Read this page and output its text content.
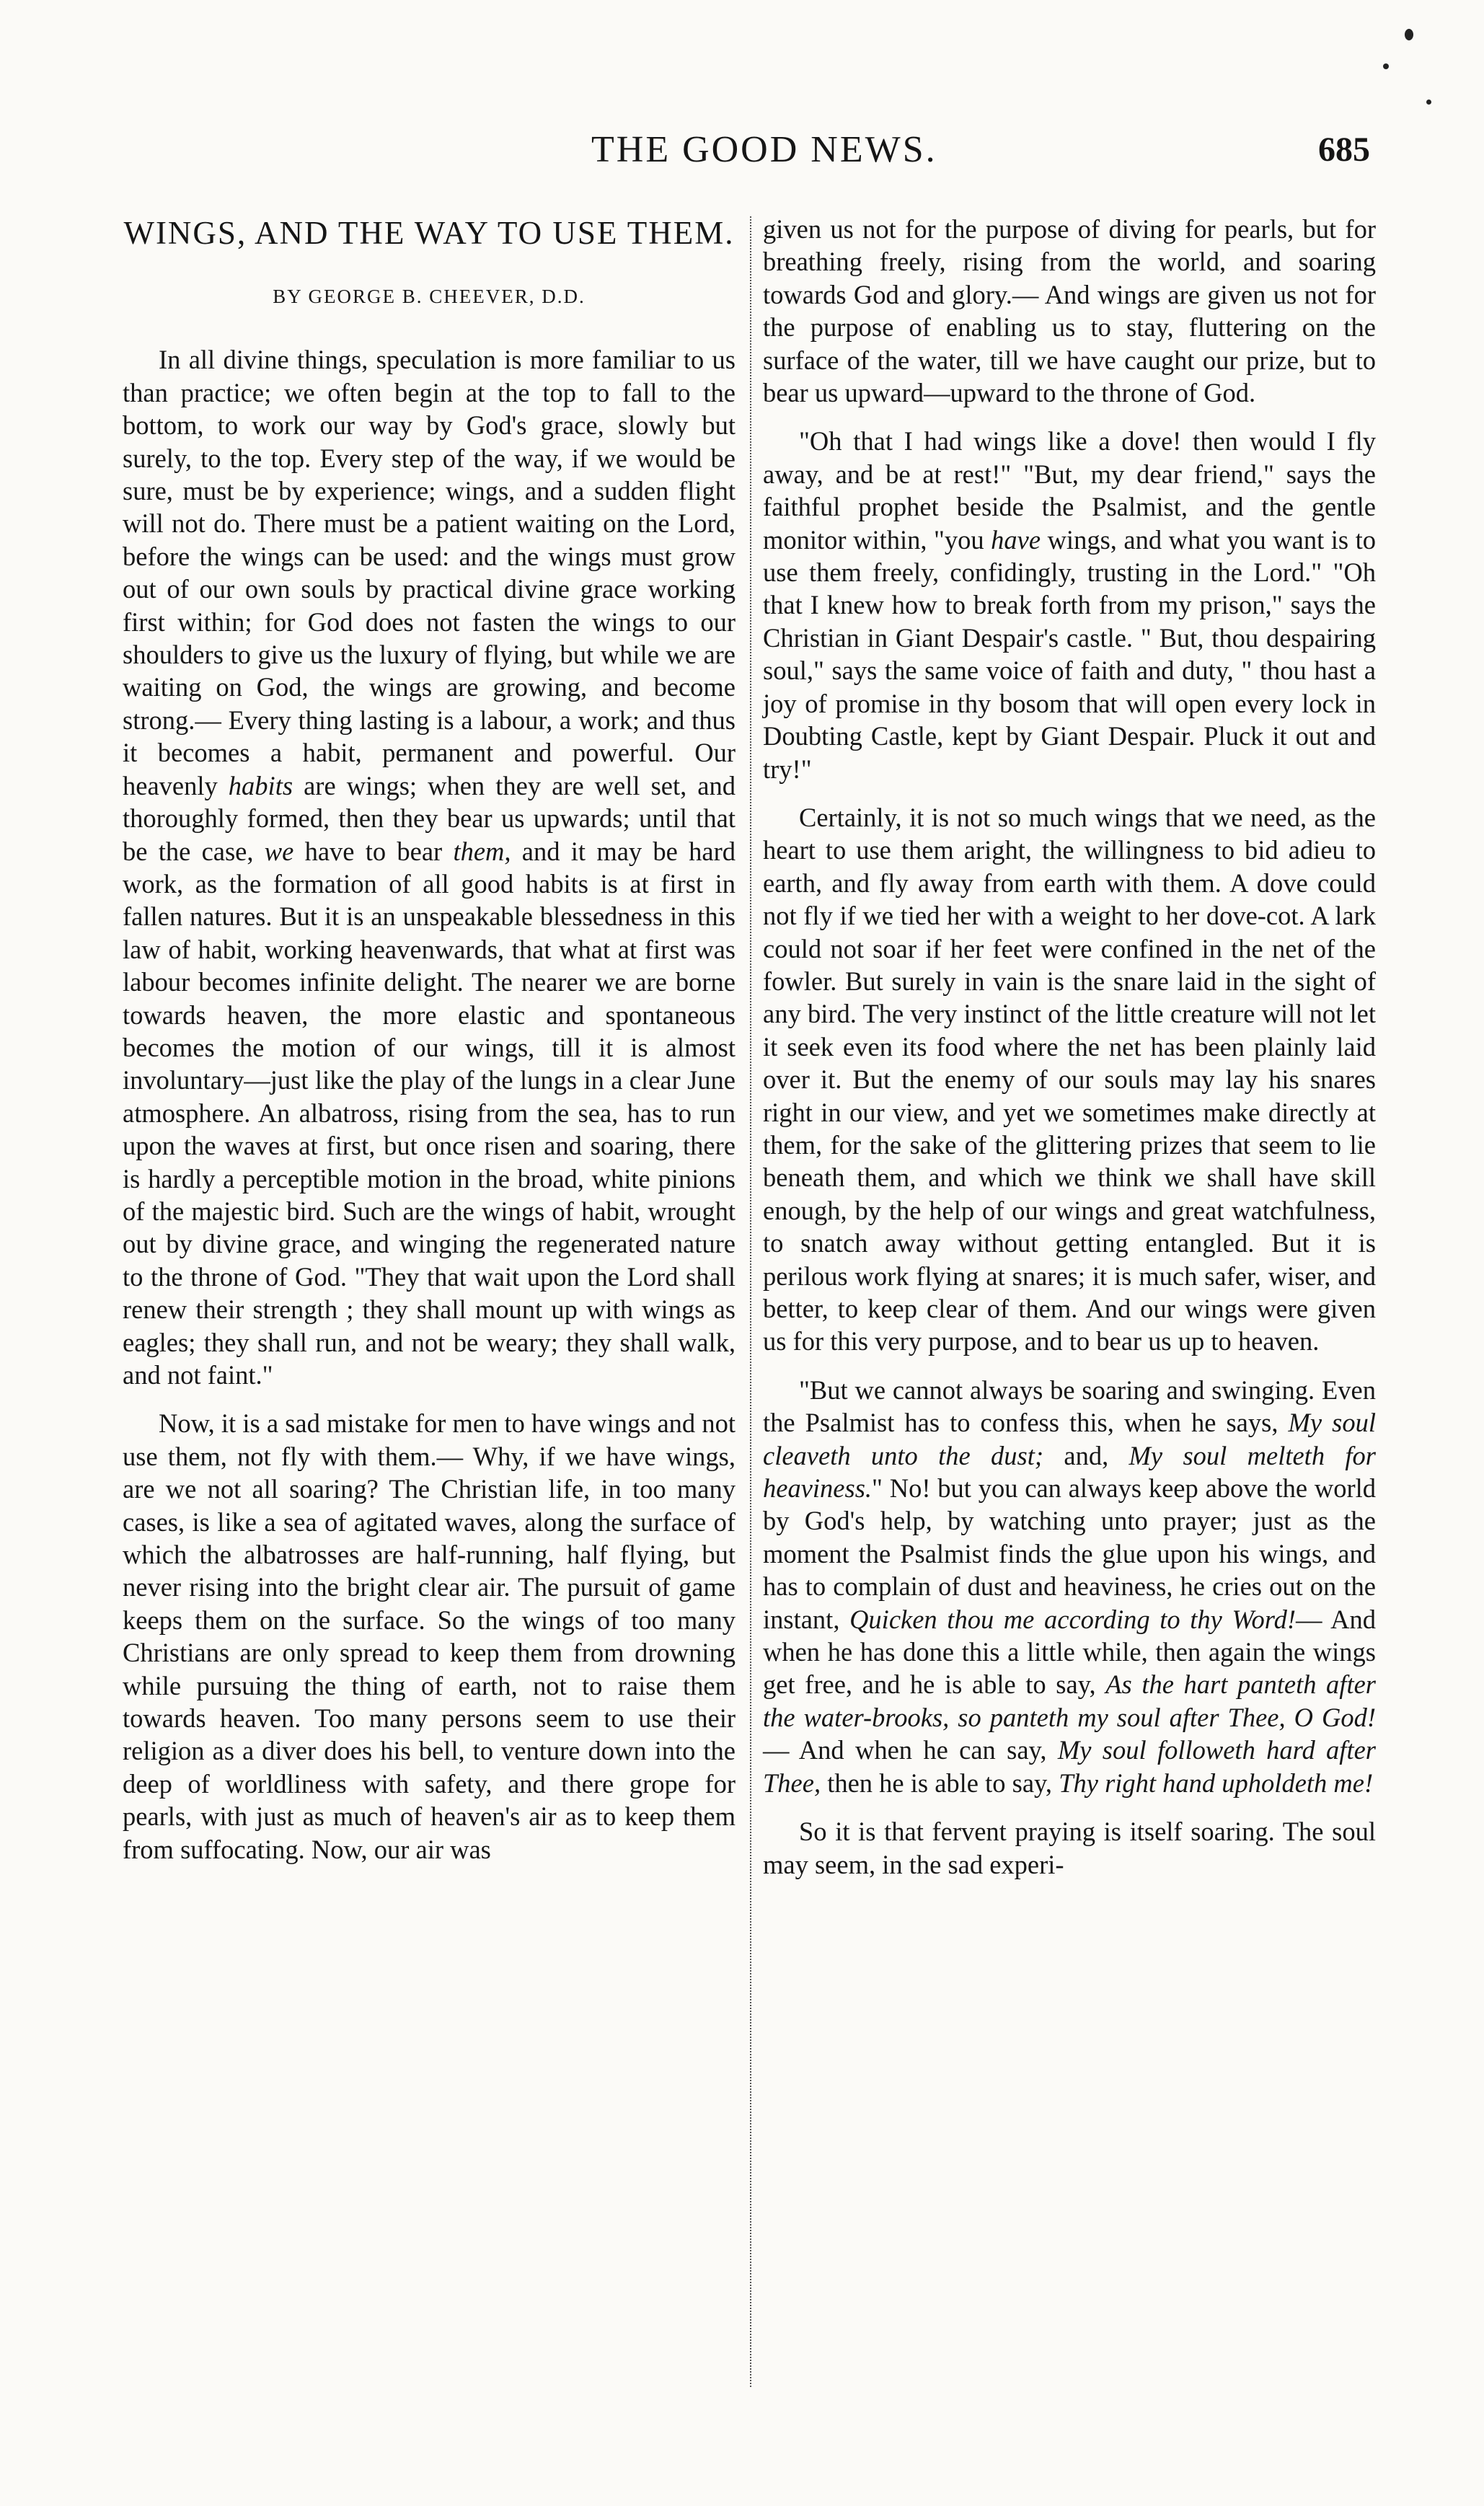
THE GOOD NEWS.	685
WINGS, AND THE WAY TO USE THEM.
BY GEORGE B. CHEEVER, D.D.

In all divine things, speculation is more familiar to us than practice; we often begin at the top to fall to the bottom, to work our way by God's grace, slowly but surely, to the top. Every step of the way, if we would be sure, must be by experience; wings, and a sudden flight will not do. There must be a patient waiting on the Lord, before the wings can be used: and the wings must grow out of our own souls by practical divine grace working first within; for God does not fasten the wings to our shoulders to give us the luxury of flying, but while we are waiting on God, the wings are growing, and become strong.— Every thing lasting is a labour, a work; and thus it becomes a habit, permanent and powerful. Our heavenly habits are wings; when they are well set, and thoroughly formed, then they bear us upwards; until that be the case, we have to bear them, and it may be hard work, as the formation of all good habits is at first in fallen natures. But it is an unspeakable blessedness in this law of habit, working heavenwards, that what at first was labour becomes infinite delight. The nearer we are borne towards heaven, the more elastic and spontaneous becomes the motion of our wings, till it is almost involuntary—just like the play of the lungs in a clear June atmosphere. An albatross, rising from the sea, has to run upon the waves at first, but once risen and soaring, there is hardly a perceptible motion in the broad, white pinions of the majestic bird. Such are the wings of habit, wrought out by divine grace, and winging the regenerated nature to the throne of God. "They that wait upon the Lord shall renew their strength ; they shall mount up with wings as eagles; they shall run, and not be weary; they shall walk, and not faint."

Now, it is a sad mistake for men to have wings and not use them, not fly with them.— Why, if we have wings, are we not all soaring? The Christian life, in too many cases, is like a sea of agitated waves, along the surface of which the albatrosses are half-running, half flying, but never rising into the bright clear air. The pursuit of game keeps them on the surface. So the wings of too many Christians are only spread to keep them from drowning while pursuing the thing of earth, not to raise them towards heaven. Too many persons seem to use their religion as a diver does his bell, to venture down into the deep of worldliness with safety, and there grope for pearls, with just as much of heaven's air as to keep them from suffocating. Now, our air was

given us not for the purpose of diving for pearls, but for breathing freely, rising from the world, and soaring towards God and glory.— And wings are given us not for the purpose of enabling us to stay, fluttering on the surface of the water, till we have caught our prize, but to bear us upward—upward to the throne of God.

"Oh that I had wings like a dove! then would I fly away, and be at rest!" "But, my dear friend," says the faithful prophet beside the Psalmist, and the gentle monitor within, "you have wings, and what you want is to use them freely, confidingly, trusting in the Lord." "Oh that I knew how to break forth from my prison," says the Christian in Giant Despair's castle. " But, thou despairing soul," says the same voice of faith and duty, " thou hast a joy of promise in thy bosom that will open every lock in Doubting Castle, kept by Giant Despair. Pluck it out and try!"

Certainly, it is not so much wings that we need, as the heart to use them aright, the willingness to bid adieu to earth, and fly away from earth with them. A dove could not fly if we tied her with a weight to her dove-cot. A lark could not soar if her feet were confined in the net of the fowler. But surely in vain is the snare laid in the sight of any bird. The very instinct of the little creature will not let it seek even its food where the net has been plainly laid over it. But the enemy of our souls may lay his snares right in our view, and yet we sometimes make directly at them, for the sake of the glittering prizes that seem to lie beneath them, and which we think we shall have skill enough, by the help of our wings and great watchfulness, to snatch away without getting entangled. But it is perilous work flying at snares; it is much safer, wiser, and better, to keep clear of them. And our wings were given us for this very purpose, and to bear us up to heaven.

"But we cannot always be soaring and swinging. Even the Psalmist has to confess this, when he says, My soul cleaveth unto the dust; and, My soul melteth for heaviness." No! but you can always keep above the world by God's help, by watching unto prayer; just as the moment the Psalmist finds the glue upon his wings, and has to complain of dust and heaviness, he cries out on the instant, Quicken thou me according to thy Word!— And when he has done this a little while, then again the wings get free, and he is able to say, As the hart panteth after the water-brooks, so panteth my soul after Thee, O God!— And when he can say, My soul followeth hard after Thee, then he is able to say, Thy right hand upholdeth me!

So it is that fervent praying is itself soaring. The soul may seem, in the sad experi-
